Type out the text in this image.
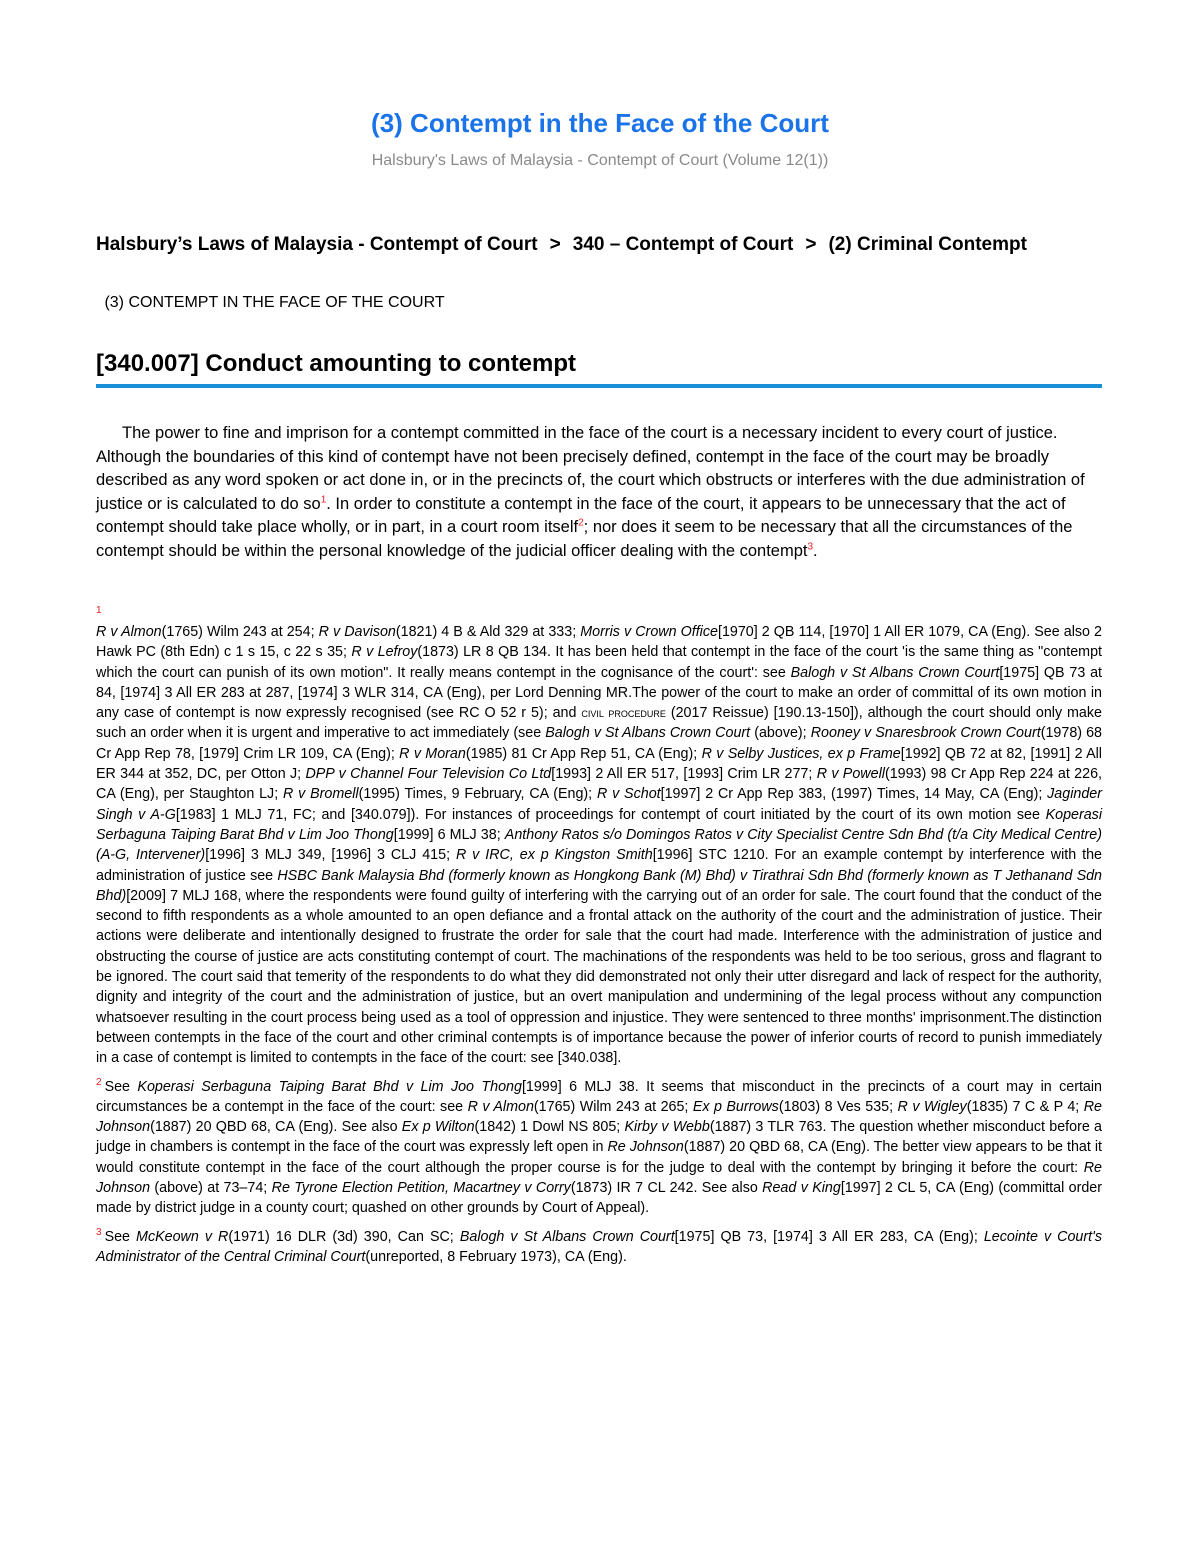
(3) Contempt in the Face of the Court

Halsbury's Laws of Malaysia - Contempt of Court (Volume 12(1))

Halsbury’s Laws of Malaysia - Contempt of Court > 340 – Contempt of Court > (2) Criminal Contempt

(3) CONTEMPT IN THE FACE OF THE COURT

[340.007] Conduct amounting to contempt

The power to fine and imprison for a contempt committed in the face of the court is a necessary incident to every court of justice. Although the boundaries of this kind of contempt have not been precisely defined, contempt in the face of the court may be broadly described as any word spoken or act done in, or in the precincts of, the court which obstructs or interferes with the due administration of justice or is calculated to do so$^1$. In order to constitute a contempt in the face of the court, it appears to be unnecessary that the act of contempt should take place wholly, or in part, in a court room itself$^2$; nor does it seem to be necessary that all the circumstances of the contempt should be within the personal knowledge of the judicial officer dealing with the contempt$^3$.

1
R v Almon(1765) Wilm 243 at 254; R v Davison(1821) 4 B & Ald 329 at 333; Morris v Crown Office[1970] 2 QB 114, [1970] 1 All ER 1079, CA (Eng). See also 2 Hawk PC (8th Edn) c 1 s 15, c 22 s 35; R v Lefroy(1873) LR 8 QB 134. It has been held that contempt in the face of the court 'is the same thing as "contempt which the court can punish of its own motion". It really means contempt in the cognisance of the court': see Balogh v St Albans Crown Court[1975] QB 73 at 84, [1974] 3 All ER 283 at 287, [1974] 3 WLR 314, CA (Eng), per Lord Denning MR.The power of the court to make an order of committal of its own motion in any case of contempt is now expressly recognised (see RC O 52 r 5); and civil procedure (2017 Reissue) [190.13-150]), although the court should only make such an order when it is urgent and imperative to act immediately (see Balogh v St Albans Crown Court (above); Rooney v Snaresbrook Crown Court(1978) 68 Cr App Rep 78, [1979] Crim LR 109, CA (Eng); R v Moran(1985) 81 Cr App Rep 51, CA (Eng); R v Selby Justices, ex p Frame[1992] QB 72 at 82, [1991] 2 All ER 344 at 352, DC, per Otton J; DPP v Channel Four Television Co Ltd[1993] 2 All ER 517, [1993] Crim LR 277; R v Powell(1993) 98 Cr App Rep 224 at 226, CA (Eng), per Staughton LJ; R v Bromell(1995) Times, 9 February, CA (Eng); R v Schot[1997] 2 Cr App Rep 383, (1997) Times, 14 May, CA (Eng); Jaginder Singh v A-G[1983] 1 MLJ 71, FC; and [340.079]). For instances of proceedings for contempt of court initiated by the court of its own motion see Koperasi Serbaguna Taiping Barat Bhd v Lim Joo Thong[1999] 6 MLJ 38; Anthony Ratos s/o Domingos Ratos v City Specialist Centre Sdn Bhd (t/a City Medical Centre) (A-G, Intervener)[1996] 3 MLJ 349, [1996] 3 CLJ 415; R v IRC, ex p Kingston Smith[1996] STC 1210. For an example contempt by interference with the administration of justice see HSBC Bank Malaysia Bhd (formerly known as Hongkong Bank (M) Bhd) v Tirathrai Sdn Bhd (formerly known as T Jethanand Sdn Bhd)[2009] 7 MLJ 168, where the respondents were found guilty of interfering with the carrying out of an order for sale. The court found that the conduct of the second to fifth respondents as a whole amounted to an open defiance and a frontal attack on the authority of the court and the administration of justice. Their actions were deliberate and intentionally designed to frustrate the order for sale that the court had made. Interference with the administration of justice and obstructing the course of justice are acts constituting contempt of court. The machinations of the respondents was held to be too serious, gross and flagrant to be ignored. The court said that temerity of the respondents to do what they did demonstrated not only their utter disregard and lack of respect for the authority, dignity and integrity of the court and the administration of justice, but an overt manipulation and undermining of the legal process without any compunction whatsoever resulting in the court process being used as a tool of oppression and injustice. They were sentenced to three months' imprisonment.The distinction between contempts in the face of the court and other criminal contempts is of importance because the power of inferior courts of record to punish immediately in a case of contempt is limited to contempts in the face of the court: see [340.038].

$^2$ See Koperasi Serbaguna Taiping Barat Bhd v Lim Joo Thong[1999] 6 MLJ 38. It seems that misconduct in the precincts of a court may in certain circumstances be a contempt in the face of the court: see R v Almon(1765) Wilm 243 at 265; Ex p Burrows(1803) 8 Ves 535; R v Wigley(1835) 7 C & P 4; Re Johnson(1887) 20 QBD 68, CA (Eng). See also Ex p Wilton(1842) 1 Dowl NS 805; Kirby v Webb(1887) 3 TLR 763. The question whether misconduct before a judge in chambers is contempt in the face of the court was expressly left open in Re Johnson(1887) 20 QBD 68, CA (Eng). The better view appears to be that it would constitute contempt in the face of the court although the proper course is for the judge to deal with the contempt by bringing it before the court: Re Johnson (above) at 73–74; Re Tyrone Election Petition, Macartney v Corry(1873) IR 7 CL 242. See also Read v King[1997] 2 CL 5, CA (Eng) (committal order made by district judge in a county court; quashed on other grounds by Court of Appeal).

$^3$ See McKeown v R(1971) 16 DLR (3d) 390, Can SC; Balogh v St Albans Crown Court[1975] QB 73, [1974] 3 All ER 283, CA (Eng); Lecointe v Court's Administrator of the Central Criminal Court(unreported, 8 February 1973), CA (Eng).
